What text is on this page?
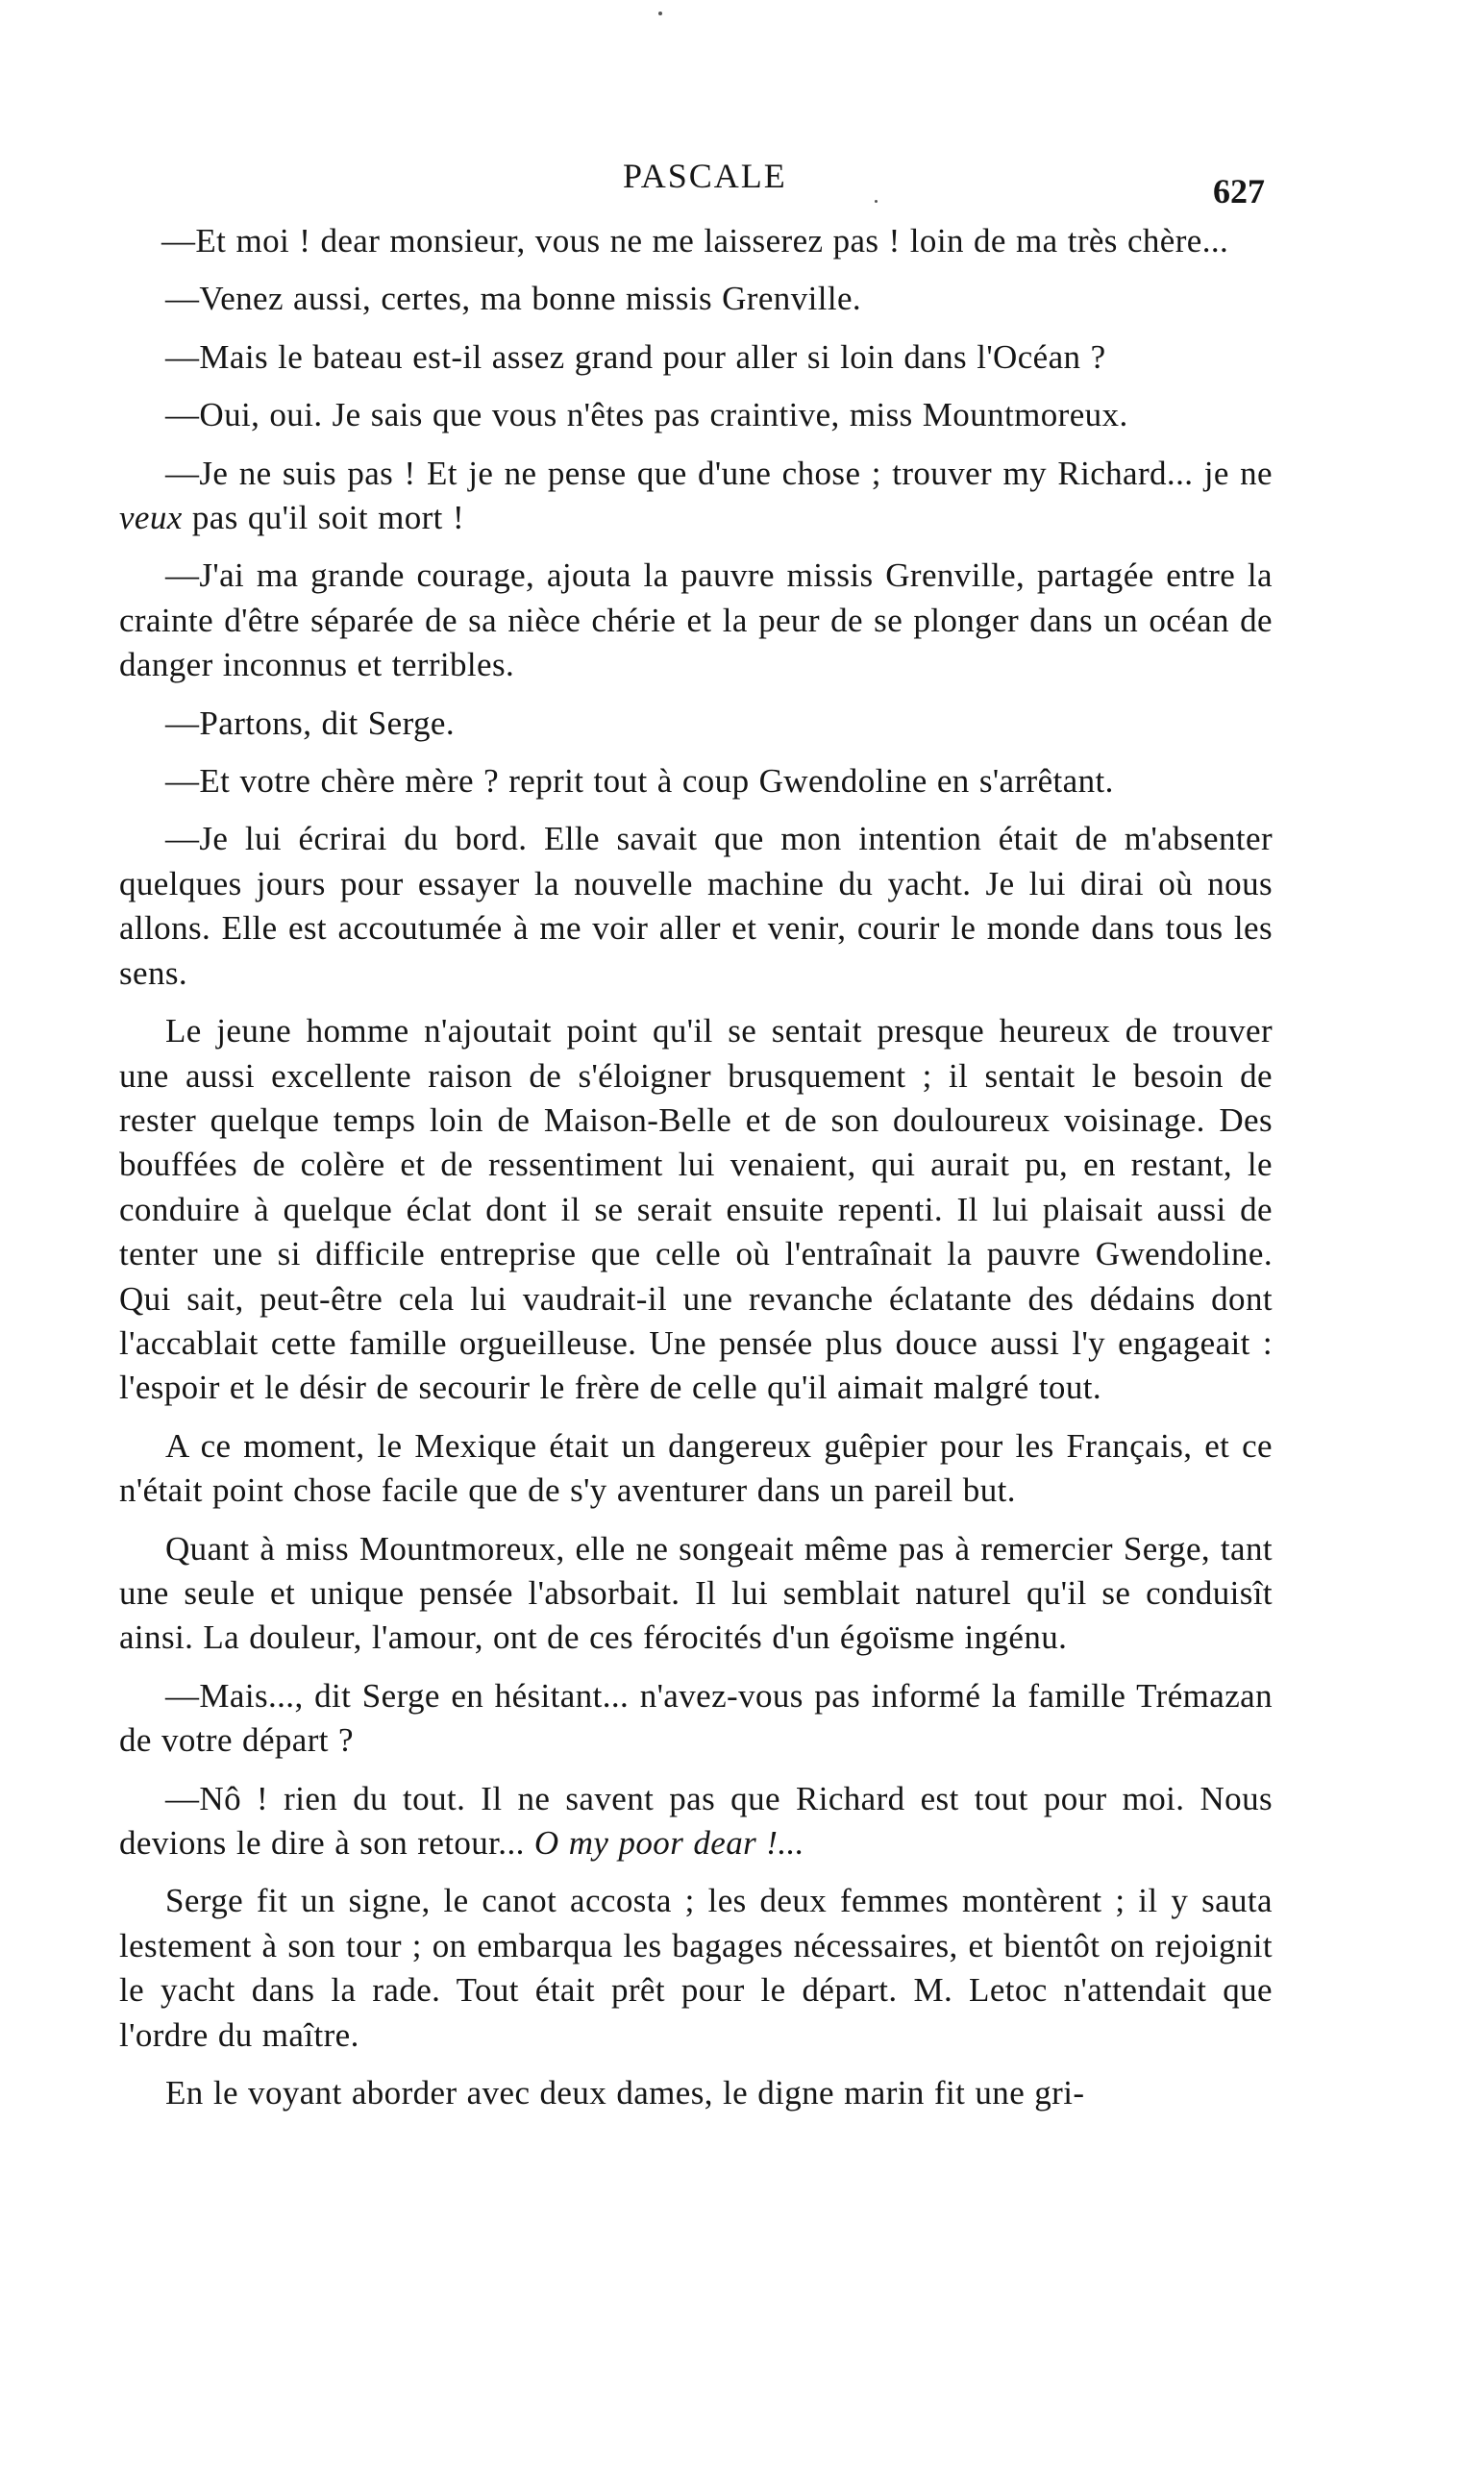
PASCALE	627

—Et moi ! dear monsieur, vous ne me laisserez pas ! loin de ma très chère...

—Venez aussi, certes, ma bonne missis Grenville.

—Mais le bateau est-il assez grand pour aller si loin dans l'Océan ?

—Oui, oui. Je sais que vous n'êtes pas craintive, miss Mountmoreux.

—Je ne suis pas ! Et je ne pense que d'une chose ; trouver my Richard... je ne veux pas qu'il soit mort !

—J'ai ma grande courage, ajouta la pauvre missis Grenville, partagée entre la crainte d'être séparée de sa nièce chérie et la peur de se plonger dans un océan de danger inconnus et terribles.

—Partons, dit Serge.

—Et votre chère mère ? reprit tout à coup Gwendoline en s'arrêtant.

—Je lui écrirai du bord. Elle savait que mon intention était de m'absenter quelques jours pour essayer la nouvelle machine du yacht. Je lui dirai où nous allons. Elle est accoutumée à me voir aller et venir, courir le monde dans tous les sens.

Le jeune homme n'ajoutait point qu'il se sentait presque heureux de trouver une aussi excellente raison de s'éloigner brusquement ; il sentait le besoin de rester quelque temps loin de Maison-Belle et de son douloureux voisinage. Des bouffées de colère et de ressentiment lui venaient, qui aurait pu, en restant, le conduire à quelque éclat dont il se serait ensuite repenti. Il lui plaisait aussi de tenter une si difficile entreprise que celle où l'entraînait la pauvre Gwendoline. Qui sait, peut-être cela lui vaudrait-il une revanche éclatante des dédains dont l'accablait cette famille orgueilleuse. Une pensée plus douce aussi l'y engageait : l'espoir et le désir de secourir le frère de celle qu'il aimait malgré tout.

A ce moment, le Mexique était un dangereux guêpier pour les Français, et ce n'était point chose facile que de s'y aventurer dans un pareil but.

Quant à miss Mountmoreux, elle ne songeait même pas à remercier Serge, tant une seule et unique pensée l'absorbait. Il lui semblait naturel qu'il se conduisît ainsi. La douleur, l'amour, ont de ces férocités d'un égoïsme ingénu.

—Mais..., dit Serge en hésitant... n'avez-vous pas informé la famille Trémazan de votre départ ?

—Nô ! rien du tout. Il ne savent pas que Richard est tout pour moi. Nous devions le dire à son retour... O my poor dear !...

Serge fit un signe, le canot accosta ; les deux femmes montèrent ; il y sauta lestement à son tour ; on embarqua les bagages nécessaires, et bientôt on rejoignit le yacht dans la rade. Tout était prêt pour le départ. M. Letoc n'attendait que l'ordre du maître.

En le voyant aborder avec deux dames, le digne marin fit une gri-
